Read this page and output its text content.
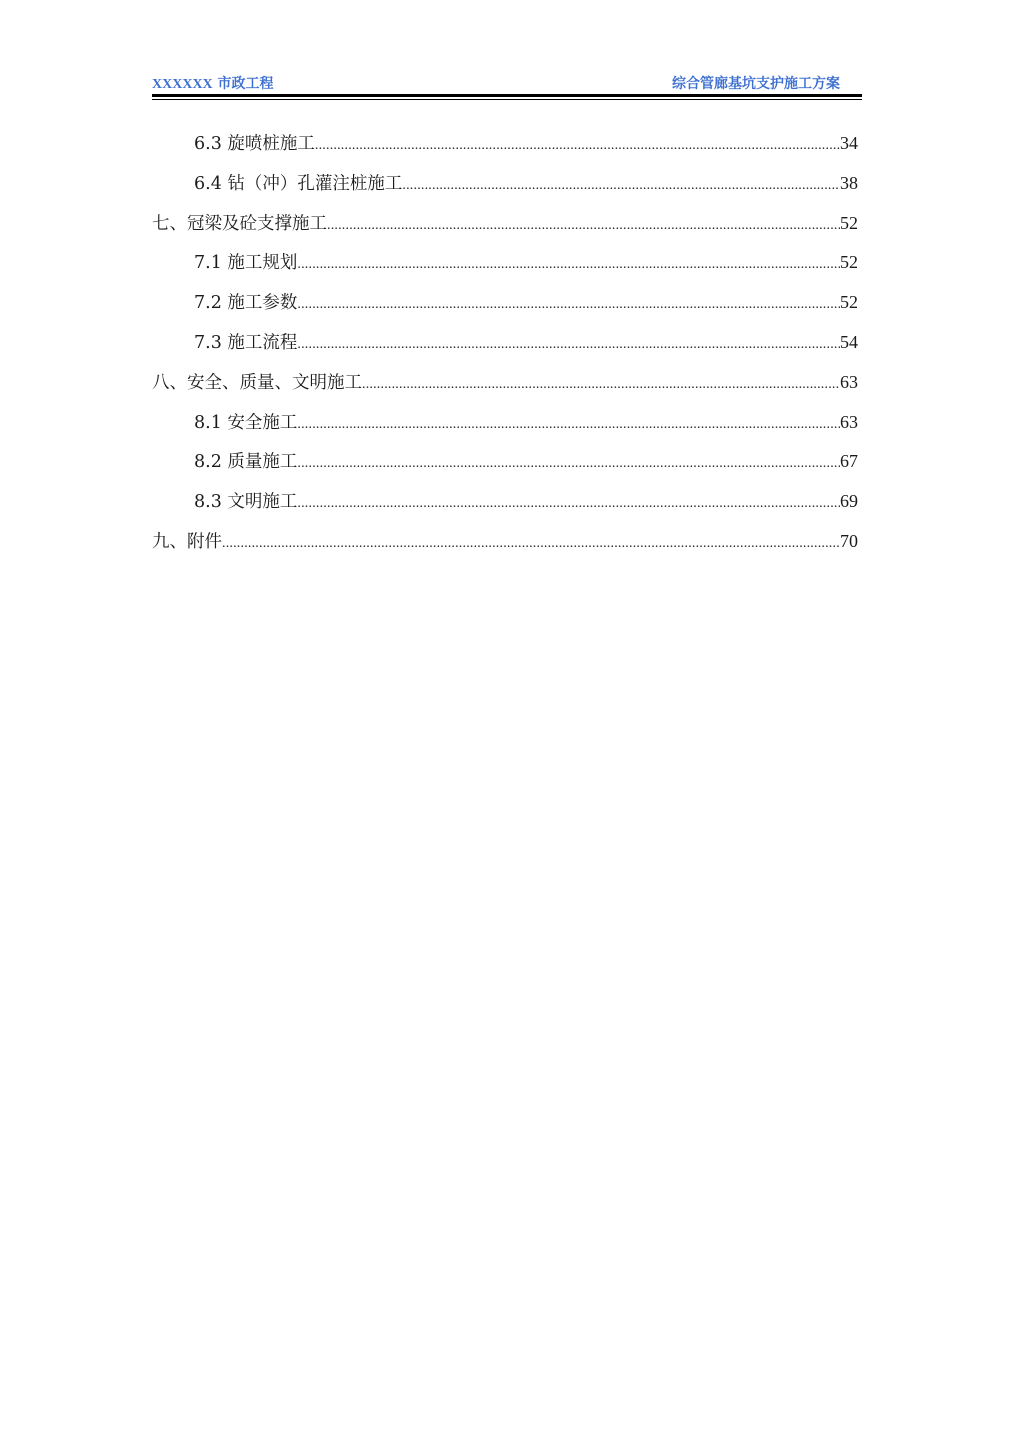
XXXXXX 市政工程	综合管廊基坑支护施工方案
6.3 旋喷桩施工 .....	34
6.4 钻（冲）孔灌注桩施工 .....	38
七、冠梁及砼支撑施工 .....	52
7.1 施工规划 .....	52
7.2 施工参数 .....	52
7.3 施工流程 .....	54
八、安全、质量、文明施工 .....	63
8.1 安全施工 .....	63
8.2 质量施工 .....	67
8.3 文明施工 .....	69
九、附件 .....	70
